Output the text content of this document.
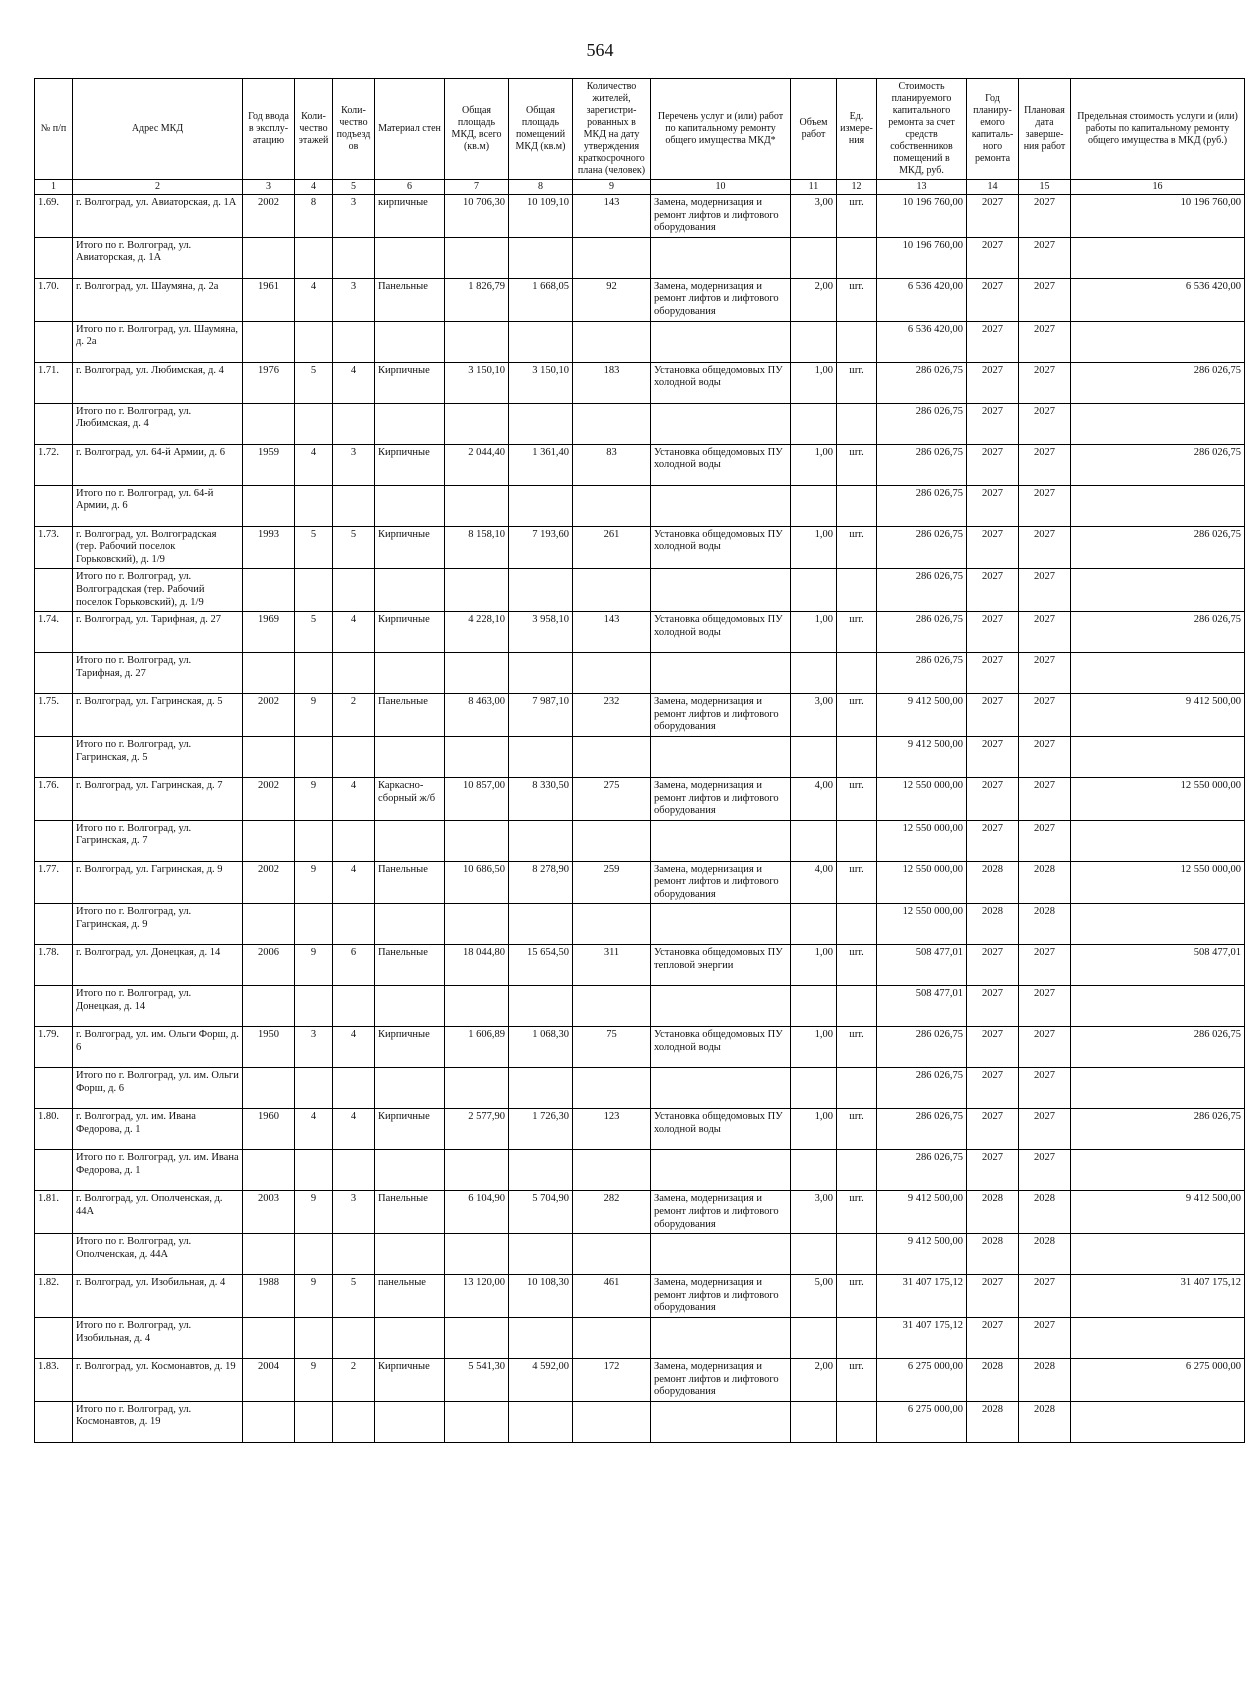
564
№ п/п	Адрес МКД	Год ввода в эксплу-атацию	Коли-чество этажей	Коли-чество подъездов	Материал стен	Общая площадь МКД, всего (кв.м)	Общая площадь помещений МКД (кв.м)	Количество жителей, зарегистри-рованных в МКД на дату утверждения краткосрочного плана (человек)	Перечень услуг и (или) работ по капитальному ремонту общего имущества МКД*	Объем работ	Ед. измере-ния	Стоимость планируемого капитального ремонта за счет средств собственников помещений в МКД, руб.	Год планиру-емого капиталь-ного ремонта	Плановая дата заверше-ния работ	Предельная стоимость услуги и (или) работы по капитальному ремонту общего имущества в МКД (руб.)
1	2	3	4	5	6	7	8	9	10	11	12	13	14	15	16
1.69.	г. Волгоград, ул. Авиаторская, д. 1А	2002	8	3	кирпичные	10 706,30	10 109,10	143	Замена, модернизация и ремонт лифтов и лифтового оборудования	3,00	шт.	10 196 760,00	2027	2027	10 196 760,00
	Итого по г. Волгоград, ул. Авиаторская, д. 1А											10 196 760,00	2027	2027	
1.70.	г. Волгоград, ул. Шаумяна, д. 2а	1961	4	3	Панельные	1 826,79	1 668,05	92	Замена, модернизация и ремонт лифтов и лифтового оборудования	2,00	шт.	6 536 420,00	2027	2027	6 536 420,00
	Итого по г. Волгоград, ул. Шаумяна, д. 2а											6 536 420,00	2027	2027	
1.71.	г. Волгоград, ул. Любимская, д. 4	1976	5	4	Кирпичные	3 150,10	3 150,10	183	Установка общедомовых ПУ холодной воды	1,00	шт.	286 026,75	2027	2027	286 026,75
	Итого по г. Волгоград, ул. Любимская, д. 4											286 026,75	2027	2027	
1.72.	г. Волгоград, ул. 64-й Армии, д. 6	1959	4	3	Кирпичные	2 044,40	1 361,40	83	Установка общедомовых ПУ холодной воды	1,00	шт.	286 026,75	2027	2027	286 026,75
	Итого по г. Волгоград, ул. 64-й Армии, д. 6											286 026,75	2027	2027	
1.73.	г. Волгоград, ул. Волгоградская (тер. Рабочий поселок Горьковский), д. 1/9	1993	5	5	Кирпичные	8 158,10	7 193,60	261	Установка общедомовых ПУ холодной воды	1,00	шт.	286 026,75	2027	2027	286 026,75
	Итого по г. Волгоград, ул. Волгоградская (тер. Рабочий поселок Горьковский), д. 1/9											286 026,75	2027	2027	
1.74.	г. Волгоград, ул. Тарифная, д. 27	1969	5	4	Кирпичные	4 228,10	3 958,10	143	Установка общедомовых ПУ холодной воды	1,00	шт.	286 026,75	2027	2027	286 026,75
	Итого по г. Волгоград, ул. Тарифная, д. 27											286 026,75	2027	2027	
1.75.	г. Волгоград, ул. Гагринская, д. 5	2002	9	2	Панельные	8 463,00	7 987,10	232	Замена, модернизация и ремонт лифтов и лифтового оборудования	3,00	шт.	9 412 500,00	2027	2027	9 412 500,00
	Итого по г. Волгоград, ул. Гагринская, д. 5											9 412 500,00	2027	2027	
1.76.	г. Волгоград, ул. Гагринская, д. 7	2002	9	4	Каркасно-сборный ж/б	10 857,00	8 330,50	275	Замена, модернизация и ремонт лифтов и лифтового оборудования	4,00	шт.	12 550 000,00	2027	2027	12 550 000,00
	Итого по г. Волгоград, ул. Гагринская, д. 7											12 550 000,00	2027	2027	
1.77.	г. Волгоград, ул. Гагринская, д. 9	2002	9	4	Панельные	10 686,50	8 278,90	259	Замена, модернизация и ремонт лифтов и лифтового оборудования	4,00	шт.	12 550 000,00	2028	2028	12 550 000,00
	Итого по г. Волгоград, ул. Гагринская, д. 9											12 550 000,00	2028	2028	
1.78.	г. Волгоград, ул. Донецкая, д. 14	2006	9	6	Панельные	18 044,80	15 654,50	311	Установка общедомовых ПУ тепловой энергии	1,00	шт.	508 477,01	2027	2027	508 477,01
	Итого по г. Волгоград, ул. Донецкая, д. 14											508 477,01	2027	2027	
1.79.	г. Волгоград, ул. им. Ольги Форш, д. 6	1950	3	4	Кирпичные	1 606,89	1 068,30	75	Установка общедомовых ПУ холодной воды	1,00	шт.	286 026,75	2027	2027	286 026,75
	Итого по г. Волгоград, ул. им. Ольги Форш, д. 6											286 026,75	2027	2027	
1.80.	г. Волгоград, ул. им. Ивана Федорова, д. 1	1960	4	4	Кирпичные	2 577,90	1 726,30	123	Установка общедомовых ПУ холодной воды	1,00	шт.	286 026,75	2027	2027	286 026,75
	Итого по г. Волгоград, ул. им. Ивана Федорова, д. 1											286 026,75	2027	2027	
1.81.	г. Волгоград, ул. Ополченская, д. 44А	2003	9	3	Панельные	6 104,90	5 704,90	282	Замена, модернизация и ремонт лифтов и лифтового оборудования	3,00	шт.	9 412 500,00	2028	2028	9 412 500,00
	Итого по г. Волгоград, ул. Ополченская, д. 44А											9 412 500,00	2028	2028	
1.82.	г. Волгоград, ул. Изобильная, д. 4	1988	9	5	панельные	13 120,00	10 108,30	461	Замена, модернизация и ремонт лифтов и лифтового оборудования	5,00	шт.	31 407 175,12	2027	2027	31 407 175,12
	Итого по г. Волгоград, ул. Изобильная, д. 4											31 407 175,12	2027	2027	
1.83.	г. Волгоград, ул. Космонавтов, д. 19	2004	9	2	Кирпичные	5 541,30	4 592,00	172	Замена, модернизация и ремонт лифтов и лифтового оборудования	2,00	шт.	6 275 000,00	2028	2028	6 275 000,00
	Итого по г. Волгоград, ул. Космонавтов, д. 19											6 275 000,00	2028	2028	
